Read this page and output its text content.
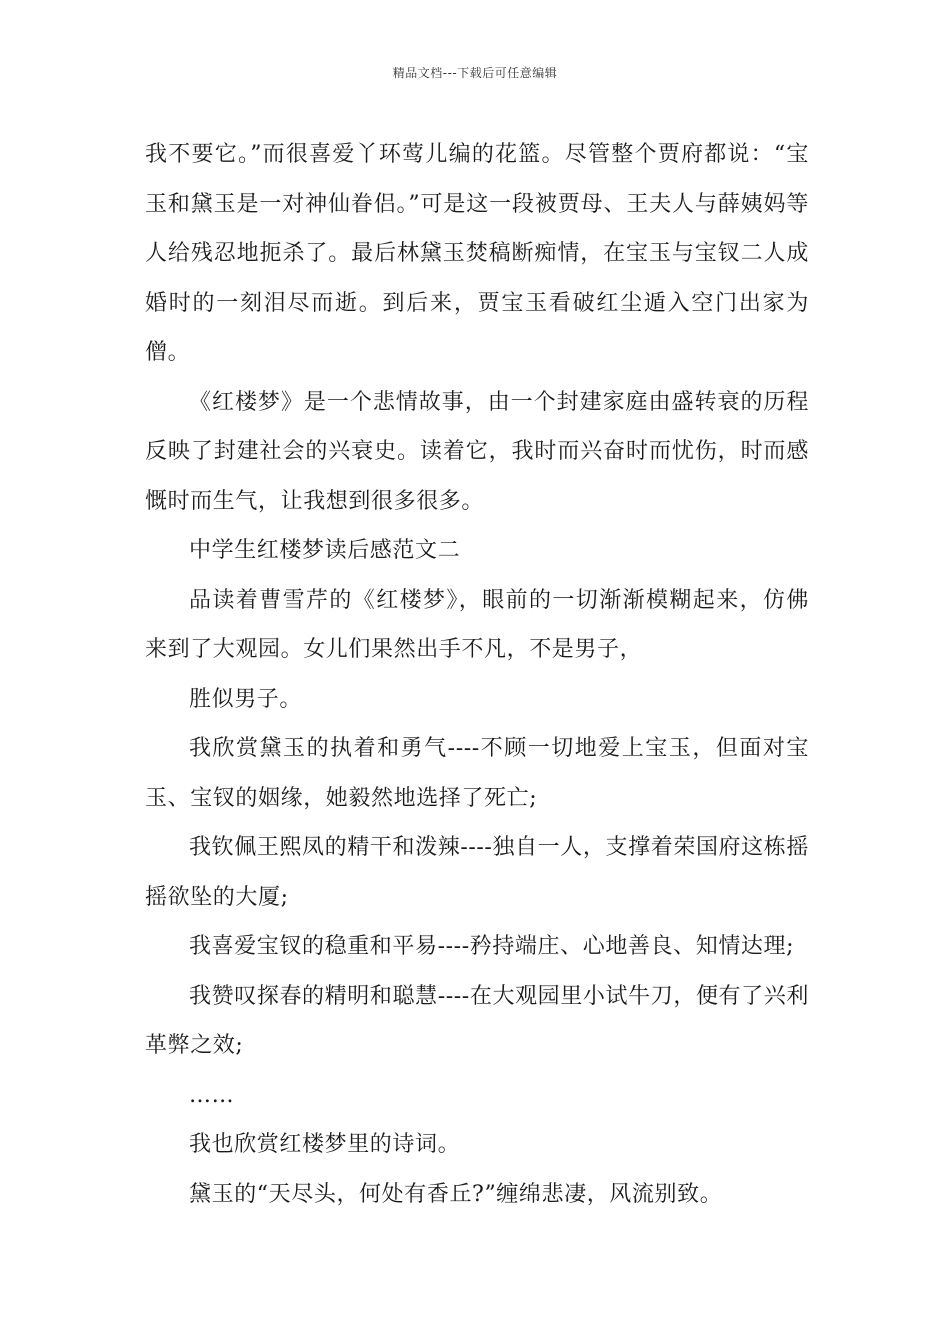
精品文档---下载后可任意编辑

我不要它。”而很喜爱丫环莺儿编的花篮。尽管整个贾府都说：“宝玉和黛玉是一对神仙眷侣。”可是这一段被贾母、王夫人与薛姨妈等人给残忍地扼杀了。最后林黛玉焚稿断痴情，在宝玉与宝钗二人成婚时的一刻泪尽而逝。到后来，贾宝玉看破红尘遁入空门出家为僧。

《红楼梦》是一个悲情故事，由一个封建家庭由盛转衰的历程反映了封建社会的兴衰史。读着它，我时而兴奋时而忧伤，时而感慨时而生气，让我想到很多很多。

中学生红楼梦读后感范文二

品读着曹雪芹的《红楼梦》，眼前的一切渐渐模糊起来，仿佛来到了大观园。女儿们果然出手不凡，不是男子，

胜似男子。

我欣赏黛玉的执着和勇气----不顾一切地爱上宝玉，但面对宝玉、宝钗的姻缘，她毅然地选择了死亡;

我钦佩王熙凤的精干和泼辣----独自一人，支撑着荣国府这栋摇摇欲坠的大厦;

我喜爱宝钗的稳重和平易----矜持端庄、心地善良、知情达理;

我赞叹探春的精明和聪慧----在大观园里小试牛刀，便有了兴利革弊之效;

……

我也欣赏红楼梦里的诗词。

黛玉的“天尽头，何处有香丘?”缠绵悲凄，风流别致。
